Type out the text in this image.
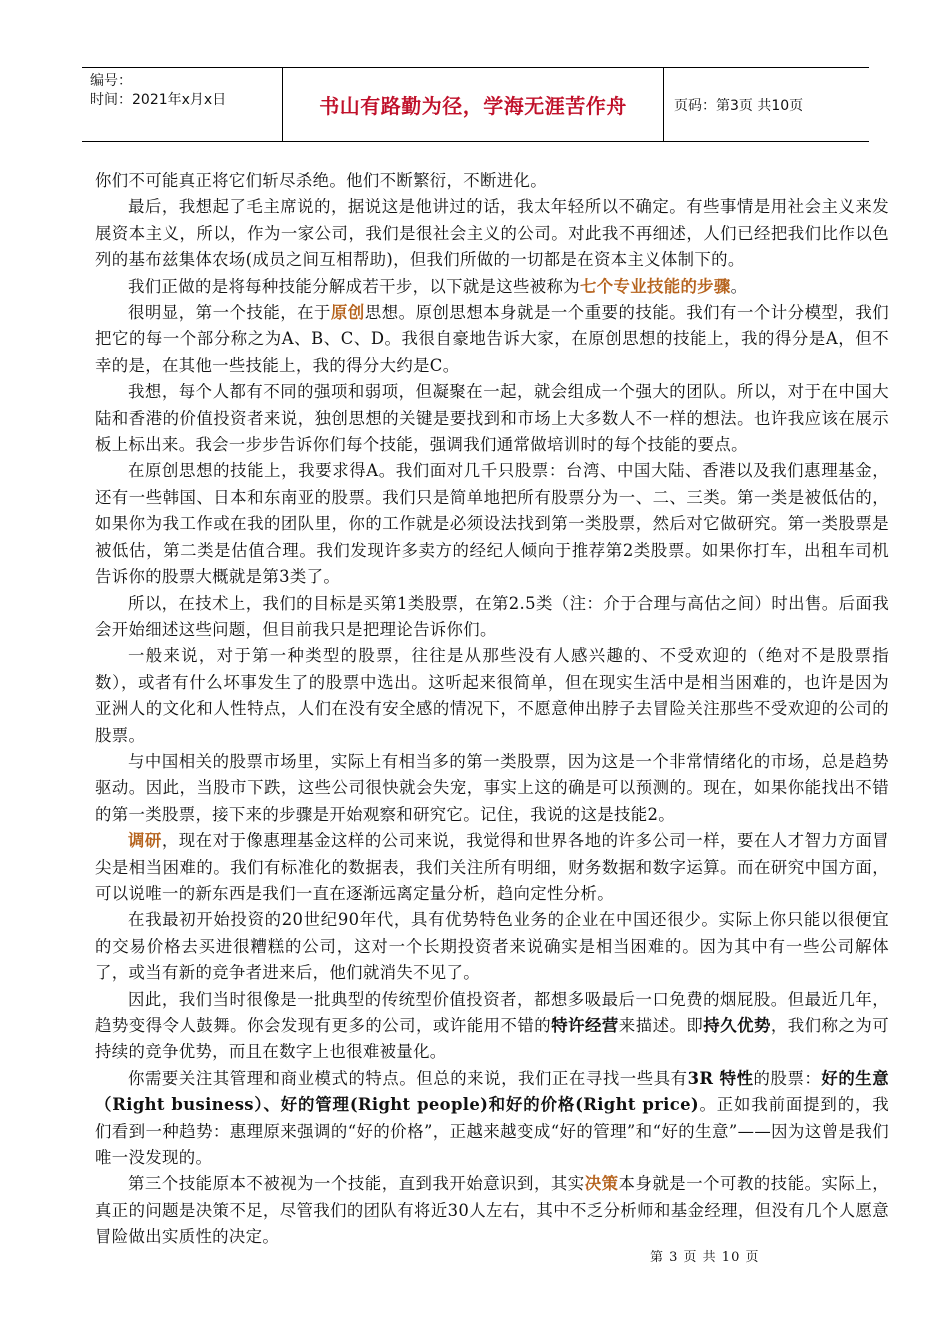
编号：
时间：2021年x月x日	书山有路勤为径，学海无涯苦作舟	页码：第3页 共10页

你们不可能真正将它们斩尽杀绝。他们不断繁衍，不断进化。

最后，我想起了毛主席说的，据说这是他讲过的话，我太年轻所以不确定。有些事情是用社会主义来发展资本主义，所以，作为一家公司，我们是很社会主义的公司。对此我不再细述，人们已经把我们比作以色列的基布兹集体农场(成员之间互相帮助)，但我们所做的一切都是在资本主义体制下的。

我们正做的是将每种技能分解成若干步，以下就是这些被称为七个专业技能的步骤。

很明显，第一个技能，在于原创思想。原创思想本身就是一个重要的技能。我们有一个计分模型，我们把它的每一个部分称之为A、B、C、D。我很自豪地告诉大家，在原创思想的技能上，我的得分是A，但不幸的是，在其他一些技能上，我的得分大约是C。

我想，每个人都有不同的强项和弱项，但凝聚在一起，就会组成一个强大的团队。所以，对于在中国大陆和香港的价值投资者来说，独创思想的关键是要找到和市场上大多数人不一样的想法。也许我应该在展示板上标出来。我会一步步告诉你们每个技能，强调我们通常做培训时的每个技能的要点。

在原创思想的技能上，我要求得A。我们面对几千只股票：台湾、中国大陆、香港以及我们惠理基金，还有一些韩国、日本和东南亚的股票。我们只是简单地把所有股票分为一、二、三类。第一类是被低估的，如果你为我工作或在我的团队里，你的工作就是必须设法找到第一类股票，然后对它做研究。第一类股票是被低估，第二类是估值合理。我们发现许多卖方的经纪人倾向于推荐第2类股票。如果你打车，出租车司机告诉你的股票大概就是第3类了。

所以，在技术上，我们的目标是买第1类股票，在第2.5类（注：介于合理与高估之间）时出售。后面我会开始细述这些问题，但目前我只是把理论告诉你们。

一般来说，对于第一种类型的股票，往往是从那些没有人感兴趣的、不受欢迎的（绝对不是股票指数），或者有什么坏事发生了的股票中选出。这听起来很简单，但在现实生活中是相当困难的，也许是因为亚洲人的文化和人性特点，人们在没有安全感的情况下，不愿意伸出脖子去冒险关注那些不受欢迎的公司的股票。

与中国相关的股票市场里，实际上有相当多的第一类股票，因为这是一个非常情绪化的市场，总是趋势驱动。因此，当股市下跌，这些公司很快就会失宠，事实上这的确是可以预测的。现在，如果你能找出不错的第一类股票，接下来的步骤是开始观察和研究它。记住，我说的这是技能2。

调研，现在对于像惠理基金这样的公司来说，我觉得和世界各地的许多公司一样，要在人才智力方面冒尖是相当困难的。我们有标准化的数据表，我们关注所有明细，财务数据和数字运算。而在研究中国方面，可以说唯一的新东西是我们一直在逐渐远离定量分析，趋向定性分析。

在我最初开始投资的20世纪90年代，具有优势特色业务的企业在中国还很少。实际上你只能以很便宜的交易价格去买进很糟糕的公司，这对一个长期投资者来说确实是相当困难的。因为其中有一些公司解体了，或当有新的竞争者进来后，他们就消失不见了。

因此，我们当时很像是一批典型的传统型价值投资者，都想多吸最后一口免费的烟屁股。但最近几年，趋势变得令人鼓舞。你会发现有更多的公司，或许能用不错的特许经营来描述。即持久优势，我们称之为可持续的竞争优势，而且在数字上也很难被量化。

你需要关注其管理和商业模式的特点。但总的来说，我们正在寻找一些具有3R 特性的股票：好的生意（Right business）、好的管理(Right people)和好的价格(Right price)。正如我前面提到的，我们看到一种趋势：惠理原来强调的“好的价格”，正越来越变成“好的管理”和“好的生意”——因为这曾是我们唯一没发现的。

第三个技能原本不被视为一个技能，直到我开始意识到，其实决策本身就是一个可教的技能。实际上，真正的问题是决策不足，尽管我们的团队有将近30人左右，其中不乏分析师和基金经理，但没有几个人愿意冒险做出实质性的决定。

第 3 页 共 10 页
